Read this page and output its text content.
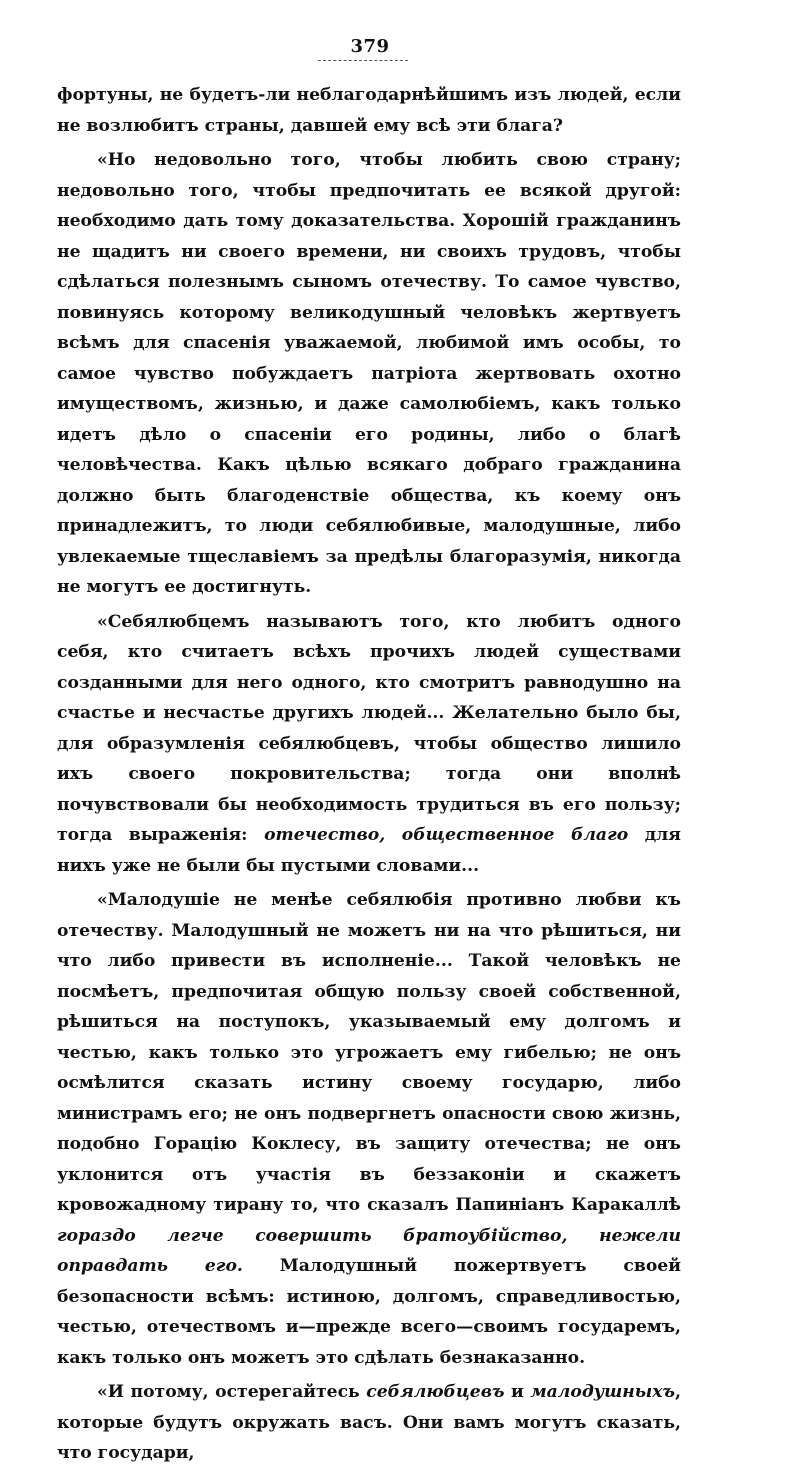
379

фортуны, не будетъ-ли неблагодарнѣйшимъ изъ людей, если не возлюбитъ страны, давшей ему всѣ эти блага?

«Но недовольно того, чтобы любить свою страну; недовольно того, чтобы предпочитать ее всякой другой: необходимо дать тому доказательства. Хорошій гражданинъ не щадитъ ни своего времени, ни своихъ трудовъ, чтобы сдѣлаться полезнымъ сыномъ отечеству. То самое чувство, повинуясь которому великодушный человѣкъ жертвуетъ всѣмъ для спасенія уважаемой, любимой имъ особы, то самое чувство побуждаетъ патріота жертвовать охотно имуществомъ, жизнью, и даже самолюбіемъ, какъ только идетъ дѣло о спасеніи его родины, либо о благѣ человѣчества. Какъ цѣлью всякаго добраго гражданина должно быть благоденствіе общества, къ коему онъ принадлежитъ, то люди себялюбивые, малодушные, либо увлекаемые тщеславіемъ за предѣлы благоразумія, никогда не могутъ ее достигнуть.

«Себялюбцемъ называютъ того, кто любитъ одного себя, кто считаетъ всѣхъ прочихъ людей существами созданными для него одного, кто смотритъ равнодушно на счастье и несчастье другихъ людей... Желательно было бы, для образумленія себялюбцевъ, чтобы общество лишило ихъ своего покровительства; тогда они вполнѣ почувствовали бы необходимость трудиться въ его пользу; тогда выраженія: отечество, общественное благо для нихъ уже не были бы пустыми словами...

«Малодушіе не менѣе себялюбія противно любви къ отечеству. Малодушный не можетъ ни на что рѣшиться, ни что либо привести въ исполненіе... Такой человѣкъ не посмѣетъ, предпочитая общую пользу своей собственной, рѣшиться на поступокъ, указываемый ему долгомъ и честью, какъ только это угрожаетъ ему гибелью; не онъ осмѣлится сказать истину своему государю, либо министрамъ его; не онъ подвергнетъ опасности свою жизнь, подобно Горацію Коклесу, въ защиту отечества; не онъ уклонится отъ участія въ беззаконіи и скажетъ кровожадному тирану то, что сказалъ Папиніанъ Каракаллѣ гораздо легче совершить братоубійство, нежели оправдать его. Малодушный пожертвуетъ своей безопасности всѣмъ: истиною, долгомъ, справедливостью, честью, отечествомъ и—прежде всего—своимъ государемъ, какъ только онъ можетъ это сдѣлать безнаказанно.

«И потому, остерегайтесь себялюбцевъ и малодушныхъ, которые будутъ окружать васъ. Они вамъ могутъ сказать, что государи,
